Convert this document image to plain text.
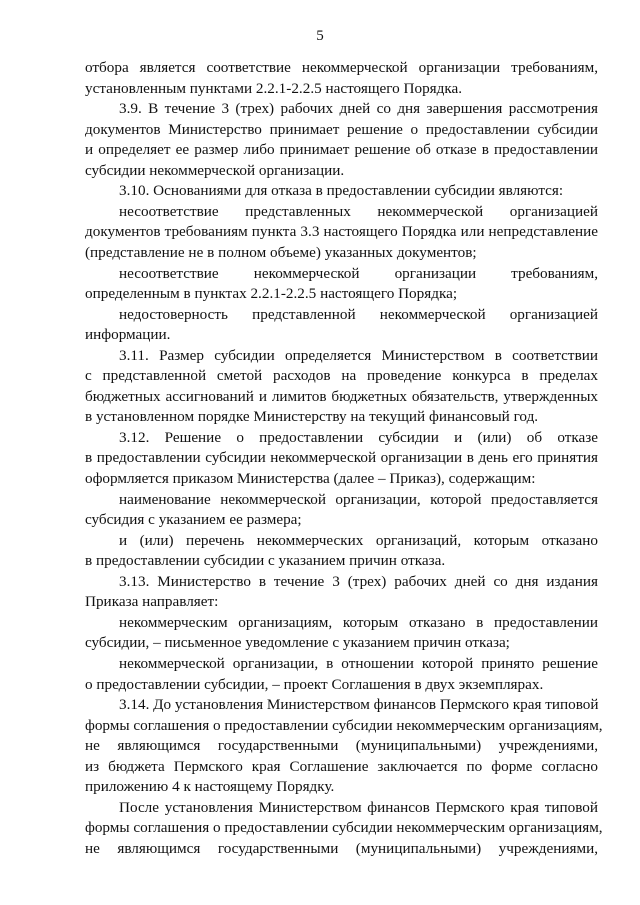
5
отбора является соответствие некоммерческой организации требованиям,
установленным пунктами 2.2.1-2.2.5 настоящего Порядка.
3.9. В течение 3 (трех) рабочих дней со дня завершения рассмотрения
документов Министерство принимает решение о предоставлении субсидии
и определяет ее размер либо принимает решение об отказе в предоставлении
субсидии некоммерческой организации.
3.10. Основаниями для отказа в предоставлении субсидии являются:
несоответствие представленных некоммерческой организацией
документов требованиям пункта 3.3 настоящего Порядка или непредставление
(представление не в полном объеме) указанных документов;
несоответствие некоммерческой организации требованиям,
определенным в пунктах 2.2.1-2.2.5 настоящего Порядка;
недостоверность представленной некоммерческой организацией
информации.
3.11. Размер субсидии определяется Министерством в соответствии
с представленной сметой расходов на проведение конкурса в пределах
бюджетных ассигнований и лимитов бюджетных обязательств, утвержденных
в установленном порядке Министерству на текущий финансовый год.
3.12. Решение о предоставлении субсидии и (или) об отказе
в предоставлении субсидии некоммерческой организации в день его принятия
оформляется приказом Министерства (далее – Приказ), содержащим:
наименование некоммерческой организации, которой предоставляется
субсидия с указанием ее размера;
и (или) перечень некоммерческих организаций, которым отказано
в предоставлении субсидии с указанием причин отказа.
3.13. Министерство в течение 3 (трех) рабочих дней со дня издания
Приказа направляет:
некоммерческим организациям, которым отказано в предоставлении
субсидии, – письменное уведомление с указанием причин отказа;
некоммерческой организации, в отношении которой принято решение
о предоставлении субсидии, – проект Соглашения в двух экземплярах.
3.14. До установления Министерством финансов Пермского края типовой
формы соглашения о предоставлении субсидии некоммерческим организациям,
не являющимся государственными (муниципальными) учреждениями,
из бюджета Пермского края Соглашение заключается по форме согласно
приложению 4 к настоящему Порядку.
После установления Министерством финансов Пермского края типовой
формы соглашения о предоставлении субсидии некоммерческим организациям,
не являющимся государственными (муниципальными) учреждениями,
